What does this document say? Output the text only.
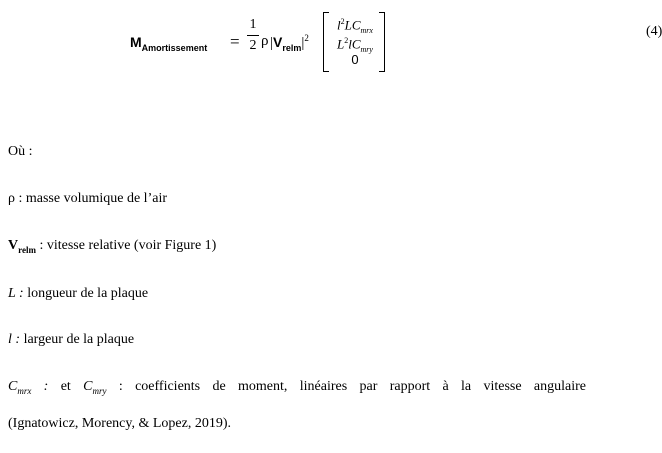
$M_{Amortissement}$ =
1
2 ρ $|V_{relm}|^2$
$l^2LC_{mrx}$
$L^2lC_{mry}$
0
(4)
Où :
ρ : masse volumique de l’air
$V_{relm}$ : vitesse relative (voir Figure 1)
L : longueur de la plaque
l : largeur de la plaque
$C_{mrx}$ : et $C_{mry}$ : coefficients de moment, linéaires par rapport à la vitesse angulaire
(Ignatowicz, Morency, & Lopez, 2019).
